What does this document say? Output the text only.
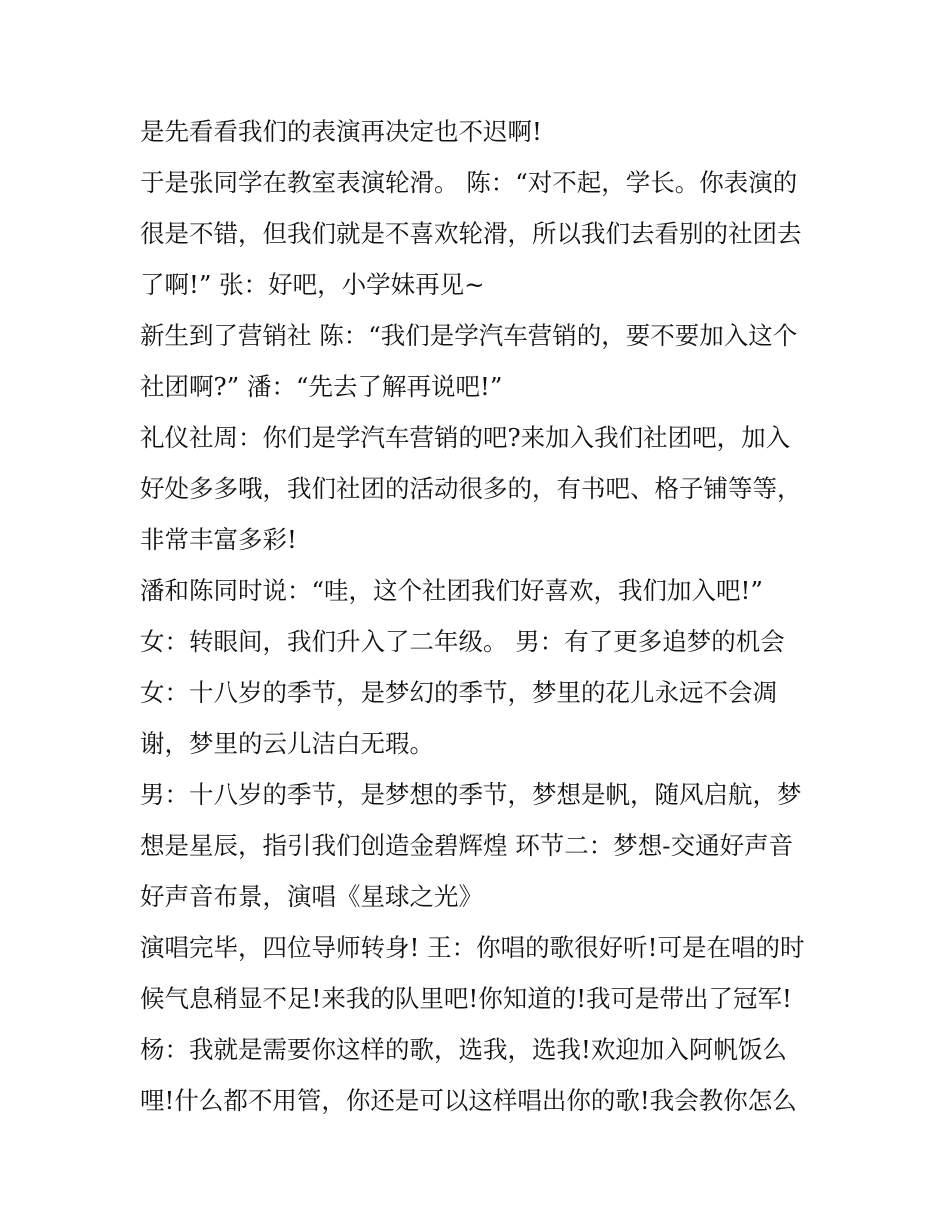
是先看看我们的表演再决定也不迟啊!
于是张同学在教室表演轮滑。 陈：“对不起，学长。你表演的
很是不错，但我们就是不喜欢轮滑，所以我们去看别的社团去
了啊!” 张：好吧，小学妹再见~
新生到了营销社 陈：“我们是学汽车营销的，要不要加入这个
社团啊?” 潘：“先去了解再说吧!”
礼仪社周：你们是学汽车营销的吧?来加入我们社团吧，加入
好处多多哦，我们社团的活动很多的，有书吧、格子铺等等，
非常丰富多彩!
潘和陈同时说：“哇，这个社团我们好喜欢，我们加入吧!”
女：转眼间，我们升入了二年级。 男：有了更多追梦的机会
女：十八岁的季节，是梦幻的季节，梦里的花儿永远不会凋
谢，梦里的云儿洁白无瑕。
男：十八岁的季节，是梦想的季节，梦想是帆，随风启航，梦
想是星辰，指引我们创造金碧辉煌 环节二：梦想-交通好声音
好声音布景，演唱《星球之光》
演唱完毕，四位导师转身! 王：你唱的歌很好听!可是在唱的时
候气息稍显不足!来我的队里吧!你知道的!我可是带出了冠军!
杨：我就是需要你这样的歌，选我，选我!欢迎加入阿帆饭么
哩!什么都不用管，你还是可以这样唱出你的歌!我会教你怎么
